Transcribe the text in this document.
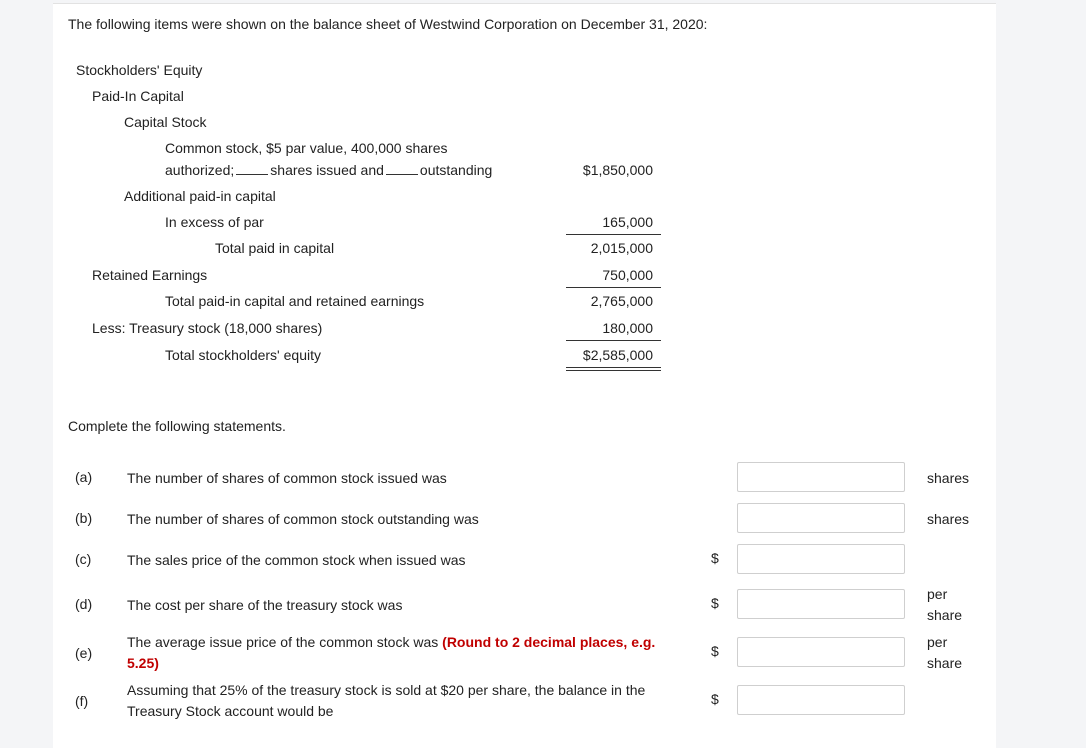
The following items were shown on the balance sheet of Westwind Corporation on December 31, 2020:
Stockholders' Equity
Paid-In Capital
Capital Stock
Common stock, $5 par value, 400,000 shares
authorized;	shares issued and	outstanding	$1,850,000
Additional paid-in capital
In excess of par	165,000
Total paid in capital	2,015,000
Retained Earnings	750,000
Total paid-in capital and retained earnings	2,765,000
Less: Treasury stock (18,000 shares)	180,000
Total stockholders' equity	$2,585,000
Complete the following statements.
(a) The number of shares of common stock issued was	shares
(b) The number of shares of common stock outstanding was	shares
(c)	The sales price of the common stock when issued was	$
(d) The cost per share of the treasury stock was	$
per share
(e)
The average issue price of the common stock was (Round to 2 decimal places, e.g. 5.25)
$
per share
(f)
Assuming that 25% of the treasury stock is sold at $20 per share, the balance in the Treasury Stock account would be
$
